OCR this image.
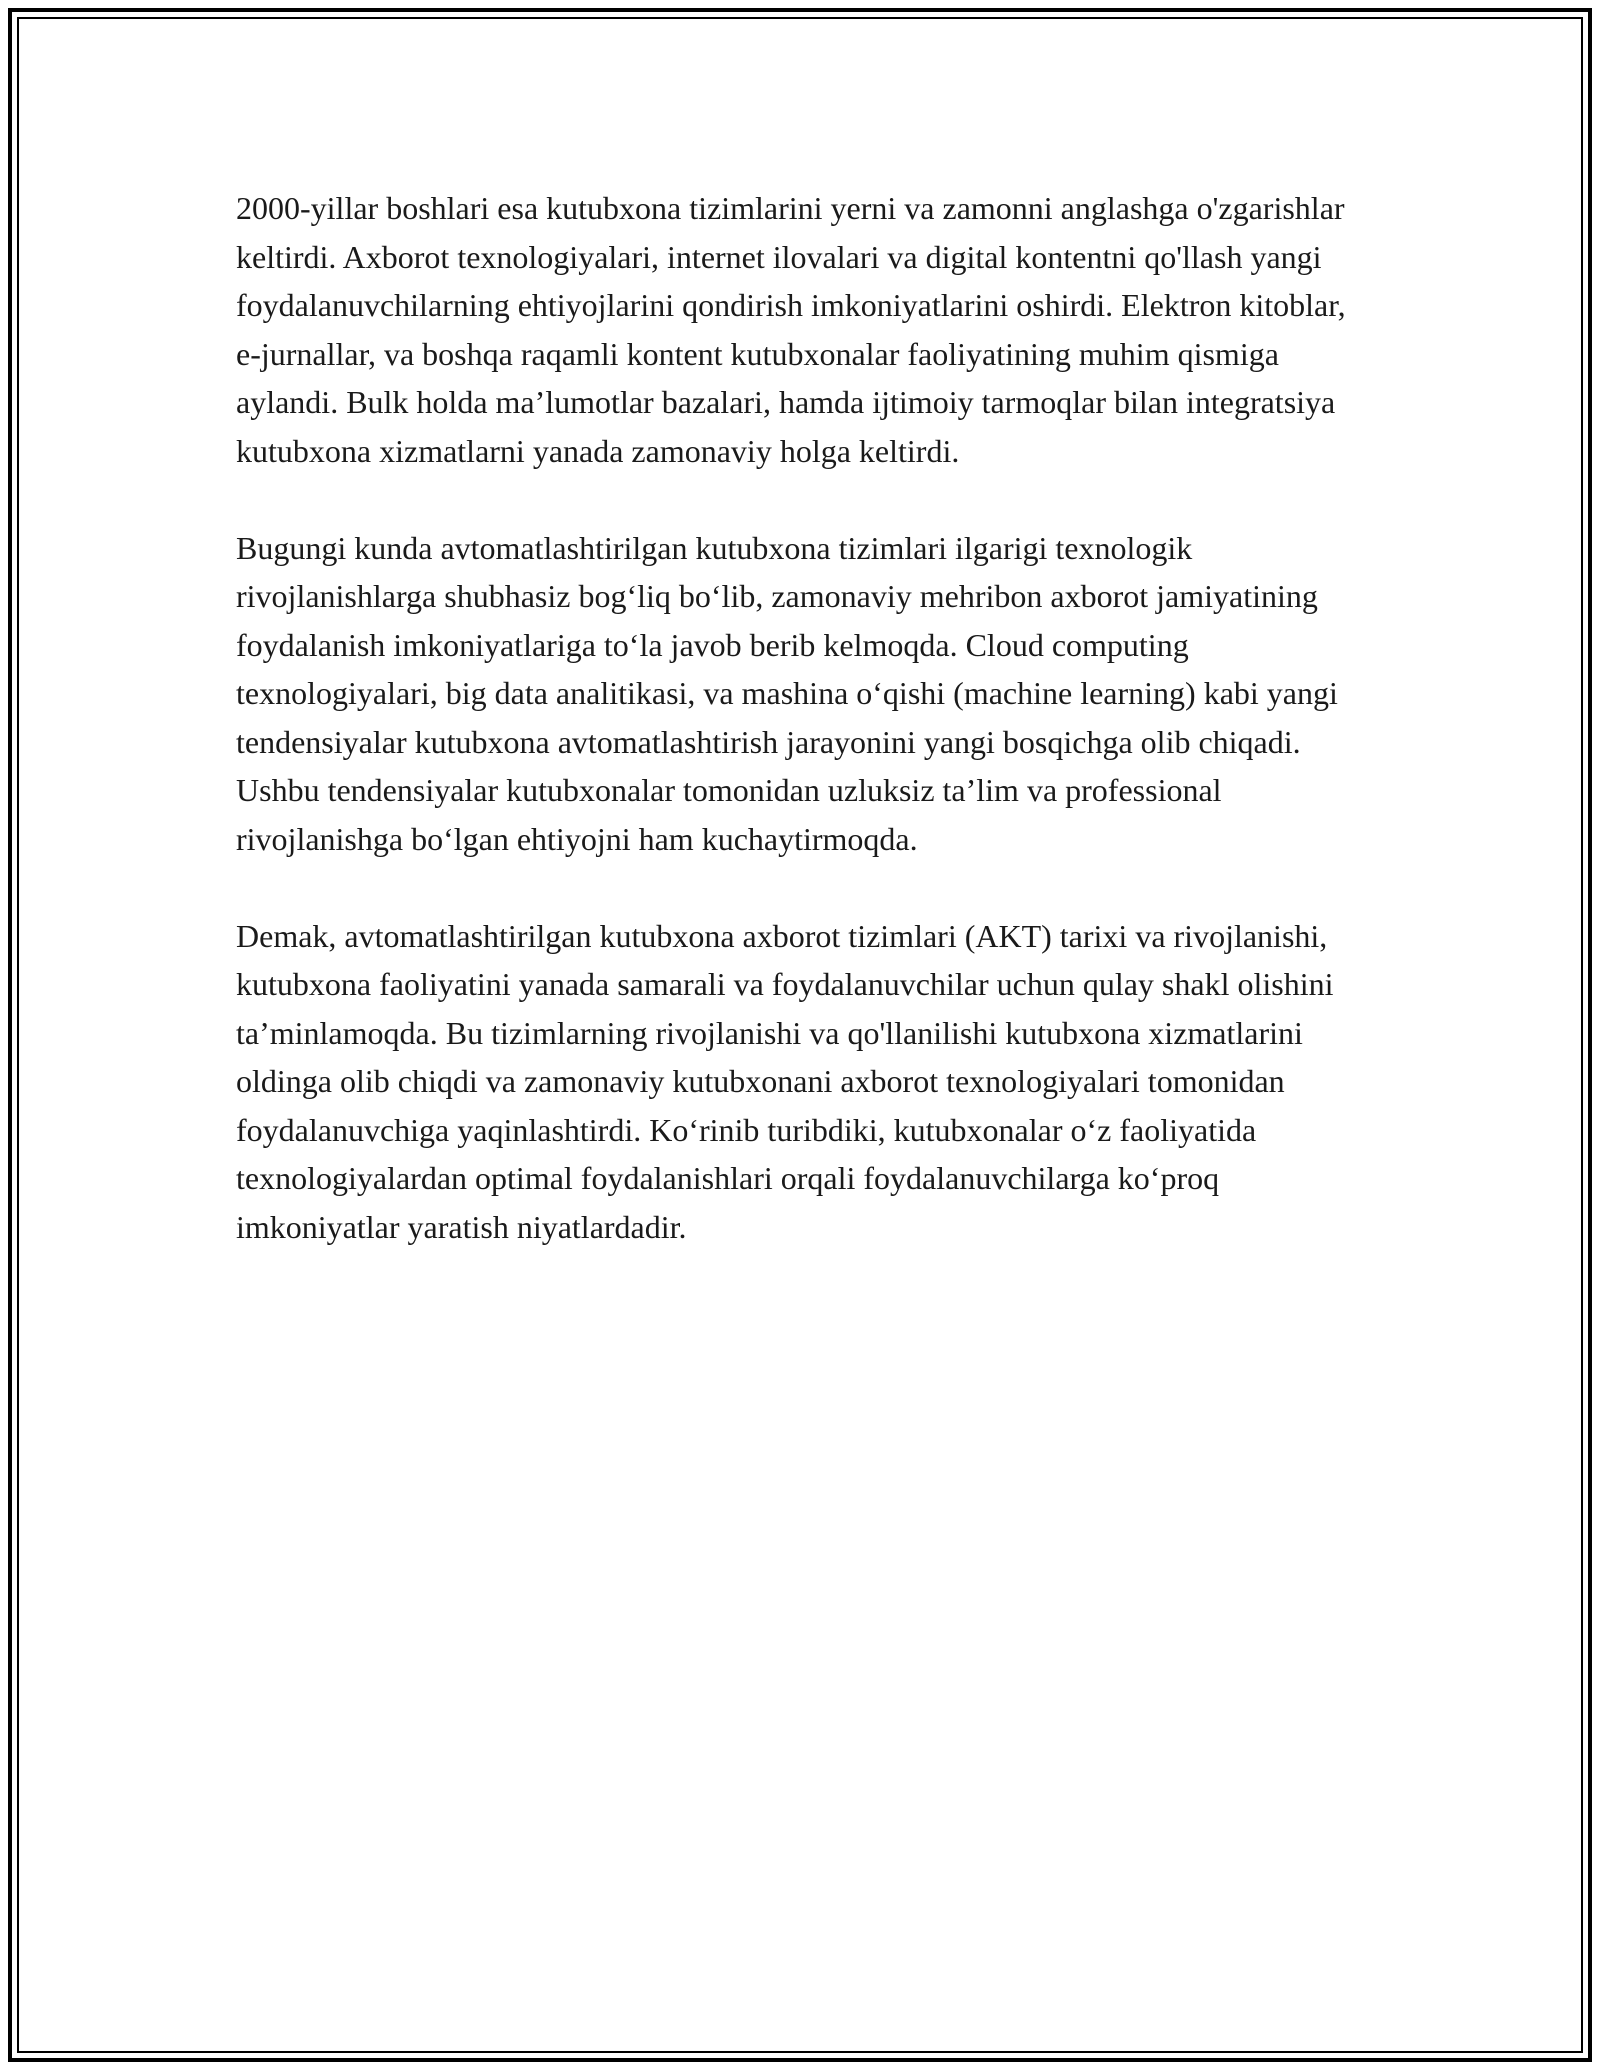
2000-yillar boshlari esa kutubxona tizimlarini yerni va zamonni anglashga o'zgarishlar keltirdi. Axborot texnologiyalari, internet ilovalari va digital kontentni qo'llash yangi foydalanuvchilarning ehtiyojlarini qondirish imkoniyatlarini oshirdi. Elektron kitoblar, e-jurnallar, va boshqa raqamli kontent kutubxonalar faoliyatining muhim qismiga aylandi. Bulk holda ma’lumotlar bazalari, hamda ijtimoiy tarmoqlar bilan integratsiya kutubxona xizmatlarni yanada zamonaviy holga keltirdi.

Bugungi kunda avtomatlashtirilgan kutubxona tizimlari ilgarigi texnologik rivojlanishlarga shubhasiz bog‘liq bo‘lib, zamonaviy mehribon axborot jamiyatining foydalanish imkoniyatlariga to‘la javob berib kelmoqda. Cloud computing texnologiyalari, big data analitikasi, va mashina o‘qishi (machine learning) kabi yangi tendensiyalar kutubxona avtomatlashtirish jarayonini yangi bosqichga olib chiqadi. Ushbu tendensiyalar kutubxonalar tomonidan uzluksiz ta’lim va professional rivojlanishga bo‘lgan ehtiyojni ham kuchaytirmoqda.

Demak, avtomatlashtirilgan kutubxona axborot tizimlari (AKT) tarixi va rivojlanishi, kutubxona faoliyatini yanada samarali va foydalanuvchilar uchun qulay shakl olishini ta’minlamoqda. Bu tizimlarning rivojlanishi va qo'llanilishi kutubxona xizmatlarini oldinga olib chiqdi va zamonaviy kutubxonani axborot texnologiyalari tomonidan foydalanuvchiga yaqinlashtirdi. Ko‘rinib turibdiki, kutubxonalar o‘z faoliyatida texnologiyalardan optimal foydalanishlari orqali foydalanuvchilarga ko‘proq imkoniyatlar yaratish niyatlardadir.
